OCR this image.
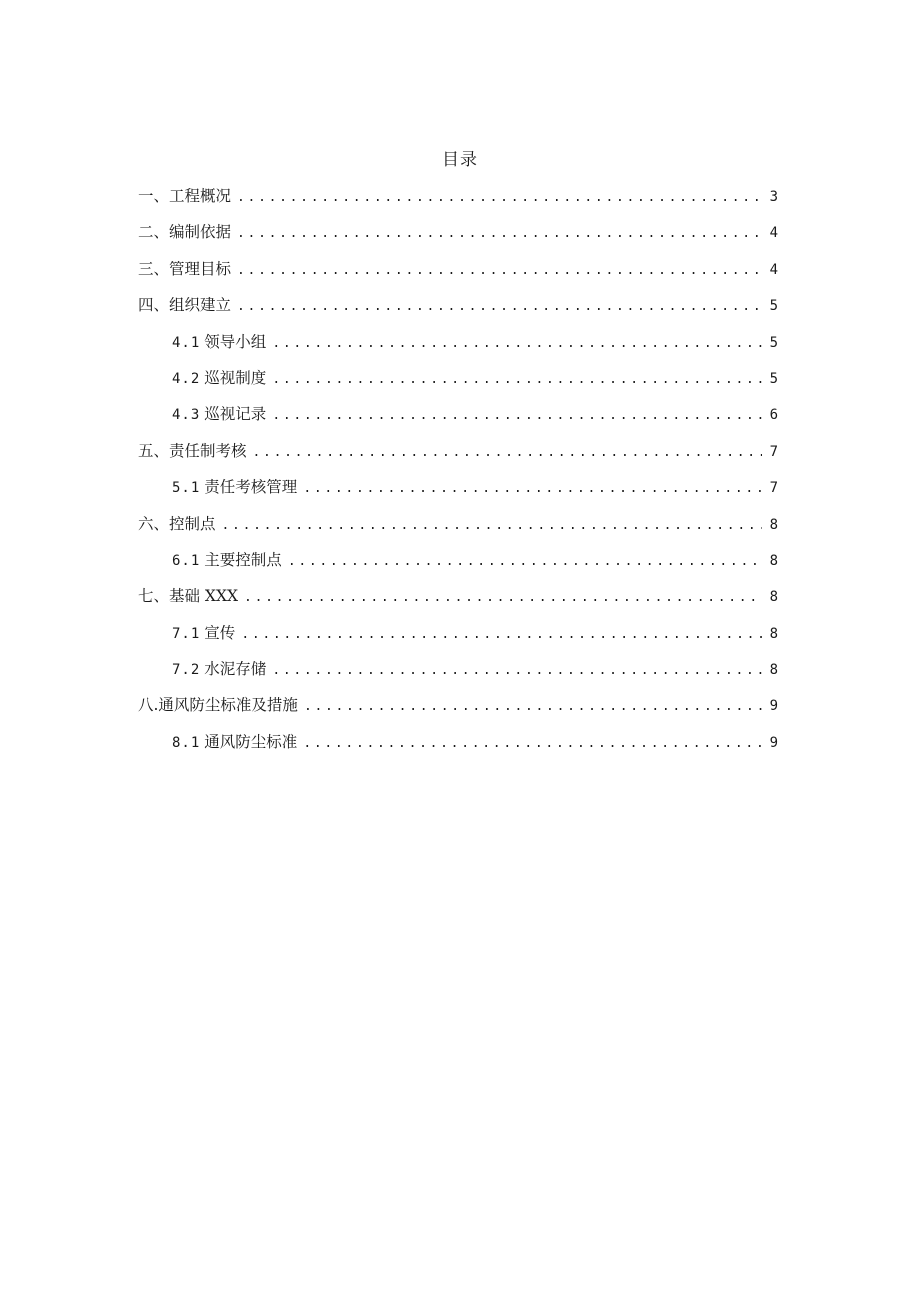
目录
一、工程概况 .....	3
二、编制依据 .....	4
三、管理目标 .....	4
四、组织建立 .....	5
4.1 领导小组 .....	5
4.2 巡视制度 .....	5
4.3 巡视记录 .....	6
五、责任制考核 .....	7
5.1 责任考核管理 .....	7
六、控制点 .....	8
6.1 主要控制点 .....	8
七、基础 XXX .....	8
7.1 宣传 .....	8
7.2 水泥存储 .....	8
八.通风防尘标准及措施 .....	9
8.1 通风防尘标准 .....	9
